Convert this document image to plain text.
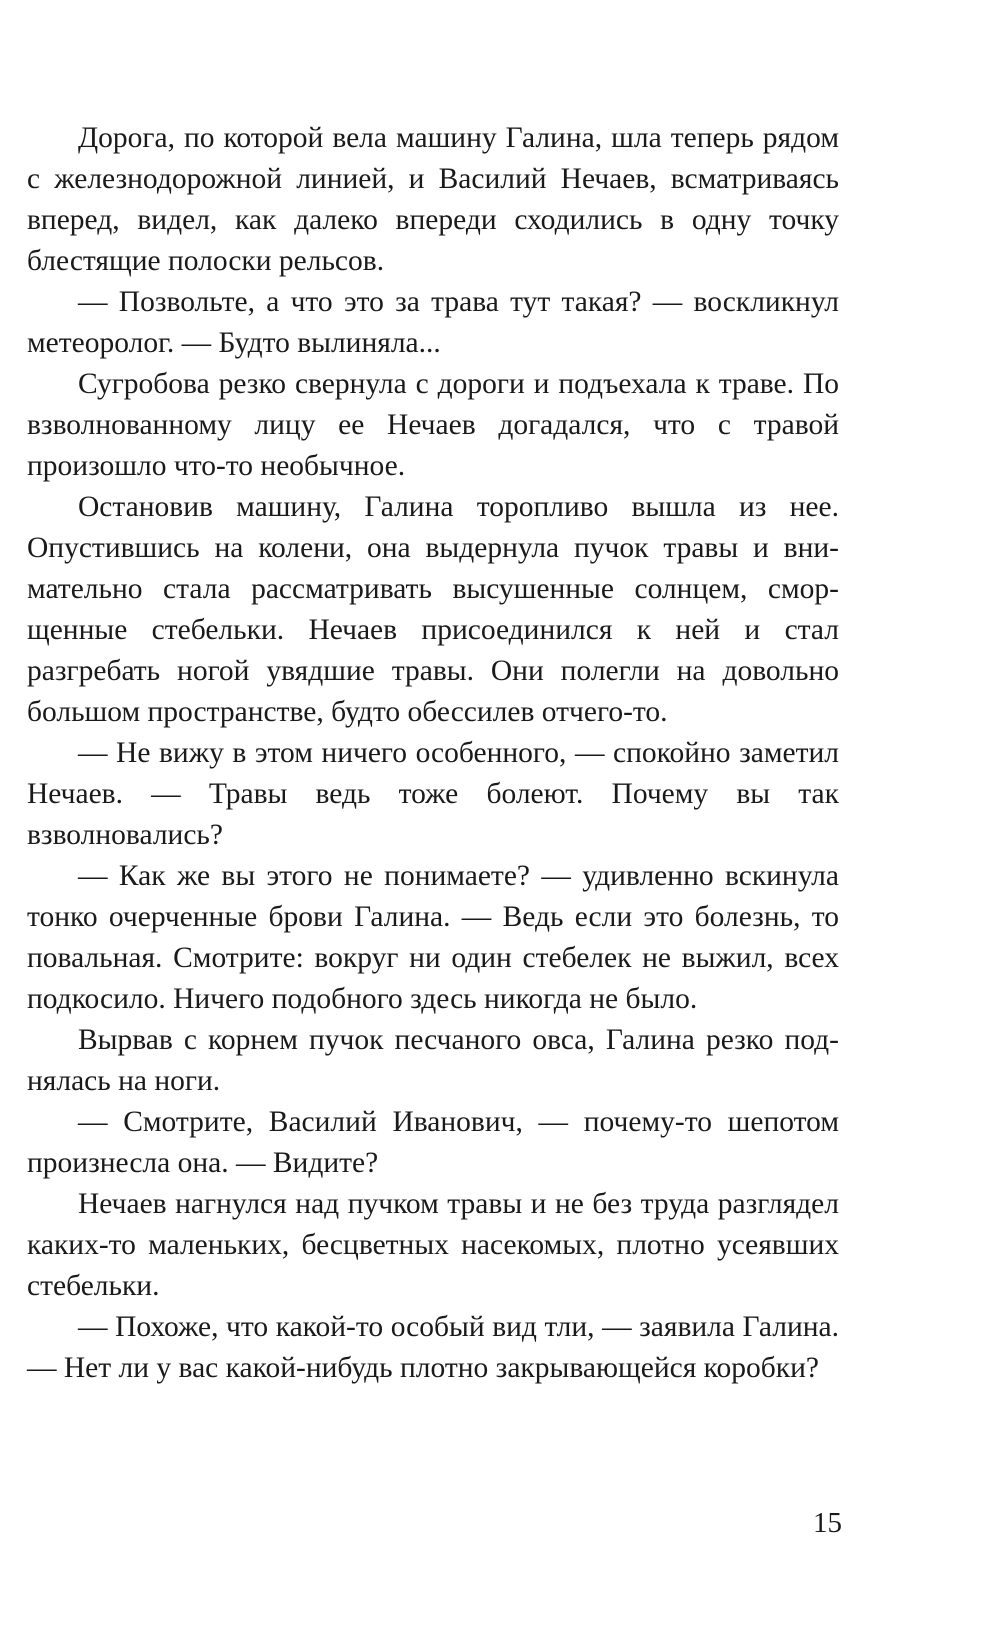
Дорога, по которой вела машину Галина, шла теперь рядом с железнодорожной линией, и Василий Нечаев, всматриваясь вперед, видел, как далеко впереди сходились в одну точку блестящие полоски рельсов.

— Позвольте, а что это за трава тут такая? — воскликнул метеоролог. — Будто вылиняла...

Сугробова резко свернула с дороги и подъехала к траве. По взволнованному лицу ее Нечаев догадался, что с травой произошло что-то необычное.

Остановив машину, Галина торопливо вышла из нее. Опустившись на колени, она выдернула пучок травы и внимательно стала рассматривать высушенные солнцем, сморщенные стебельки. Нечаев присоединился к ней и стал разгребать ногой увядшие травы. Они полегли на довольно большом пространстве, будто обессилев отчего-то.

— Не вижу в этом ничего особенного, — спокойно заметил Нечаев. — Травы ведь тоже болеют. Почему вы так взволновались?

— Как же вы этого не понимаете? — удивленно вскинула тонко очерченные брови Галина. — Ведь если это болезнь, то повальная. Смотрите: вокруг ни один стебелек не выжил, всех подкосило. Ничего подобного здесь никогда не было.

Вырвав с корнем пучок песчаного овса, Галина резко поднялась на ноги.

— Смотрите, Василий Иванович, — почему-то шепотом произнесла она. — Видите?

Нечаев нагнулся над пучком травы и не без труда разглядел каких-то маленьких, бесцветных насекомых, плотно усеявших стебельки.

— Похоже, что какой-то особый вид тли, — заявила Галина. — Нет ли у вас какой-нибудь плотно закрывающейся коробки?

15
